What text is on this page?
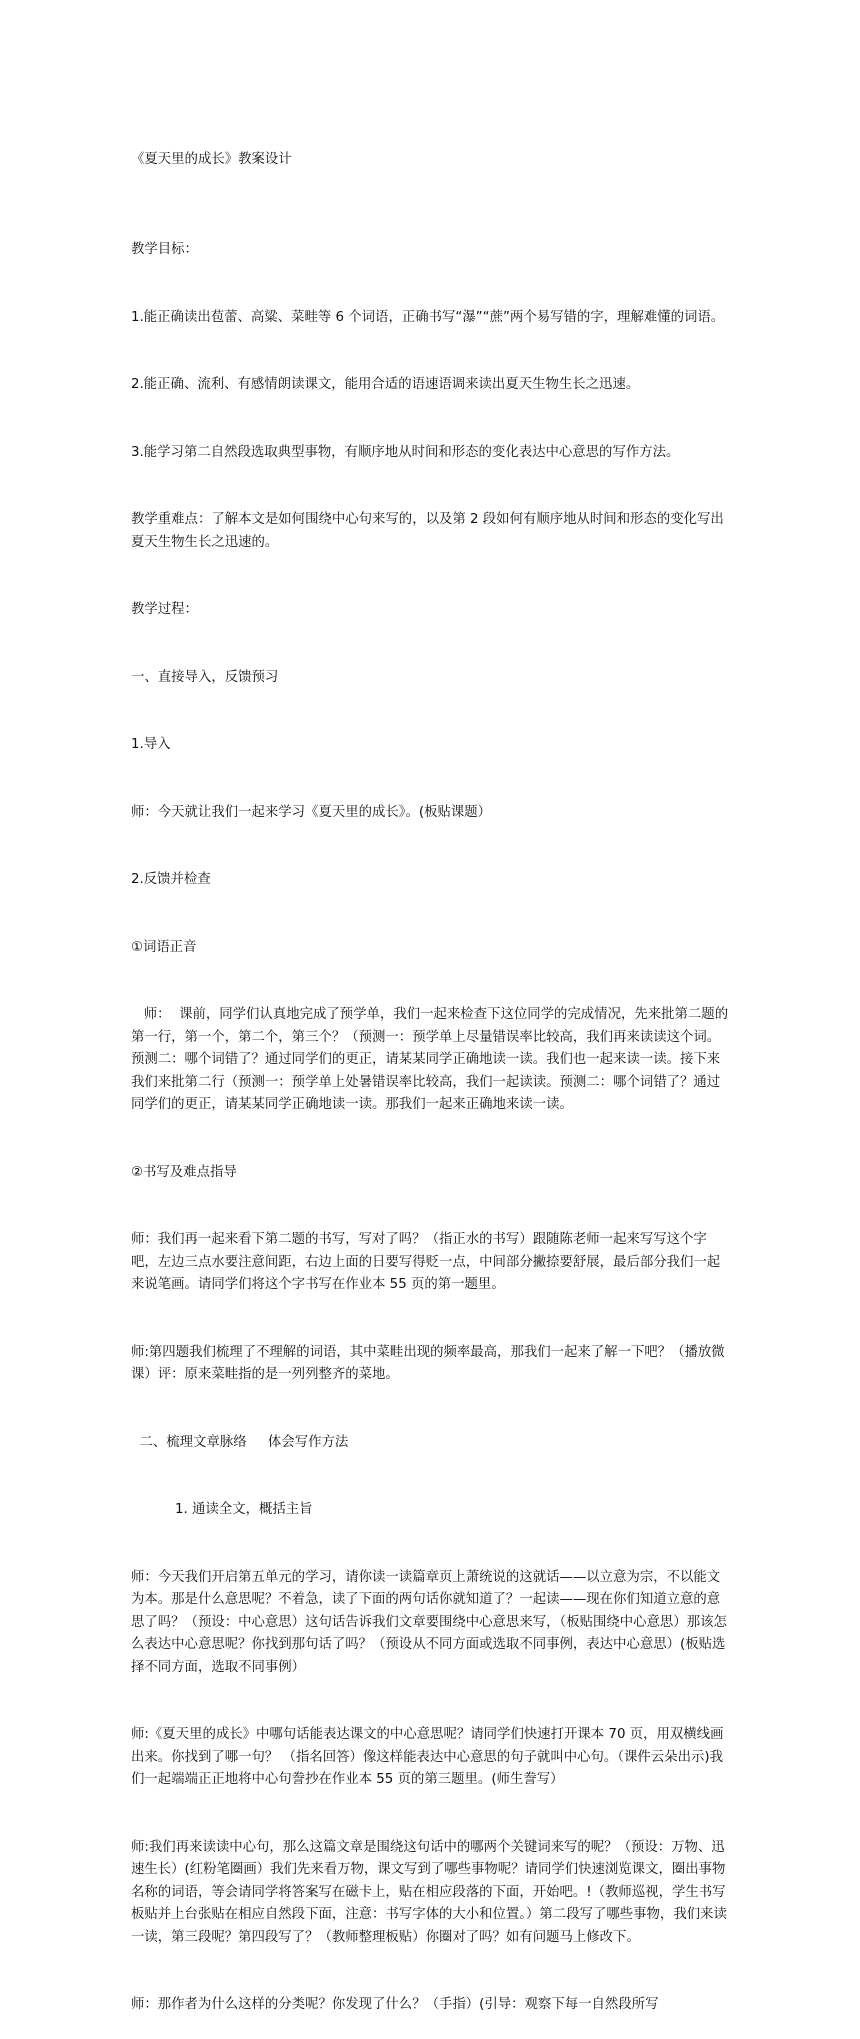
《夏天里的成长》教案设计

教学目标：

1.能正确读出苞蕾、高粱、菜畦等 6 个词语，正确书写“瀑”“蔗”两个易写错的字，理解难懂的词语。

2.能正确、流利、有感情朗读课文，能用合适的语速语调来读出夏天生物生长之迅速。

3.能学习第二自然段选取典型事物，有顺序地从时间和形态的变化表达中心意思的写作方法。

教学重难点：了解本文是如何围绕中心句来写的，以及第 2 段如何有顺序地从时间和形态的变化写出夏天生物生长之迅速的。

教学过程：

一、直接导入，反馈预习

1.导入

师：今天就让我们一起来学习《夏天里的成长》。(板贴课题）

2.反馈并检查

①词语正音

师：  课前，同学们认真地完成了预学单，我们一起来检查下这位同学的完成情况，先来批第二题的第一行，第一个，第二个，第三个？（预测一：预学单上尽量错误率比较高，我们再来读读这个词。预测二：哪个词错了？通过同学们的更正，请某某同学正确地读一读。我们也一起来读一读。接下来我们来批第二行（预测一：预学单上处暑错误率比较高，我们一起读读。预测二：哪个词错了？通过同学们的更正，请某某同学正确地读一读。那我们一起来正确地来读一读。

②书写及难点指导

师：我们再一起来看下第二题的书写，写对了吗？（指正水的书写）跟随陈老师一起来写写这个字吧，左边三点水要注意间距，右边上面的日要写得贬一点，中间部分撇捺要舒展，最后部分我们一起来说笔画。请同学们将这个字书写在作业本 55 页的第一题里。

师:第四题我们梳理了不理解的词语，其中菜畦出现的频率最高，那我们一起来了解一下吧？（播放微课）评：原来菜畦指的是一列列整齐的菜地。

二、梳理文章脉络     体会写作方法

1. 通读全文，概括主旨

师：今天我们开启第五单元的学习，请你读一读篇章页上萧统说的这就话——以立意为宗，不以能文为本。那是什么意思呢？不着急，读了下面的两句话你就知道了？一起读——现在你们知道立意的意思了吗？（预设：中心意思）这句话告诉我们文章要围绕中心意思来写，（板贴围绕中心意思）那该怎么表达中心意思呢？你找到那句话了吗？（预设从不同方面或选取不同事例，表达中心意思）(板贴选择不同方面，选取不同事例）

师:《夏天里的成长》中哪句话能表达课文的中心意思呢？请同学们快速打开课本 70 页，用双横线画出来。你找到了哪一句？ （指名回答）像这样能表达中心意思的句子就叫中心句。（课件云朵出示)我们一起端端正正地将中心句誊抄在作业本 55 页的第三题里。(师生誊写）

师:我们再来读读中心句，那么这篇文章是围绕这句话中的哪两个关键词来写的呢？（预设：万物、迅速生长）(红粉笔圈画）我们先来看万物，课文写到了哪些事物呢？请同学们快速浏览课文，圈出事物名称的词语，等会请同学将答案写在磁卡上，贴在相应段落的下面，开始吧。!（教师巡视，学生书写板贴并上台张贴在相应自然段下面，注意：书写字体的大小和位置。）第二段写了哪些事物，我们来读一读，第三段呢？第四段写了？（教师整理板贴）你圈对了吗？如有问题马上修改下。

师：那作者为什么这样的分类呢？你发现了什么？（手指）(引导：观察下每一自然段所写
